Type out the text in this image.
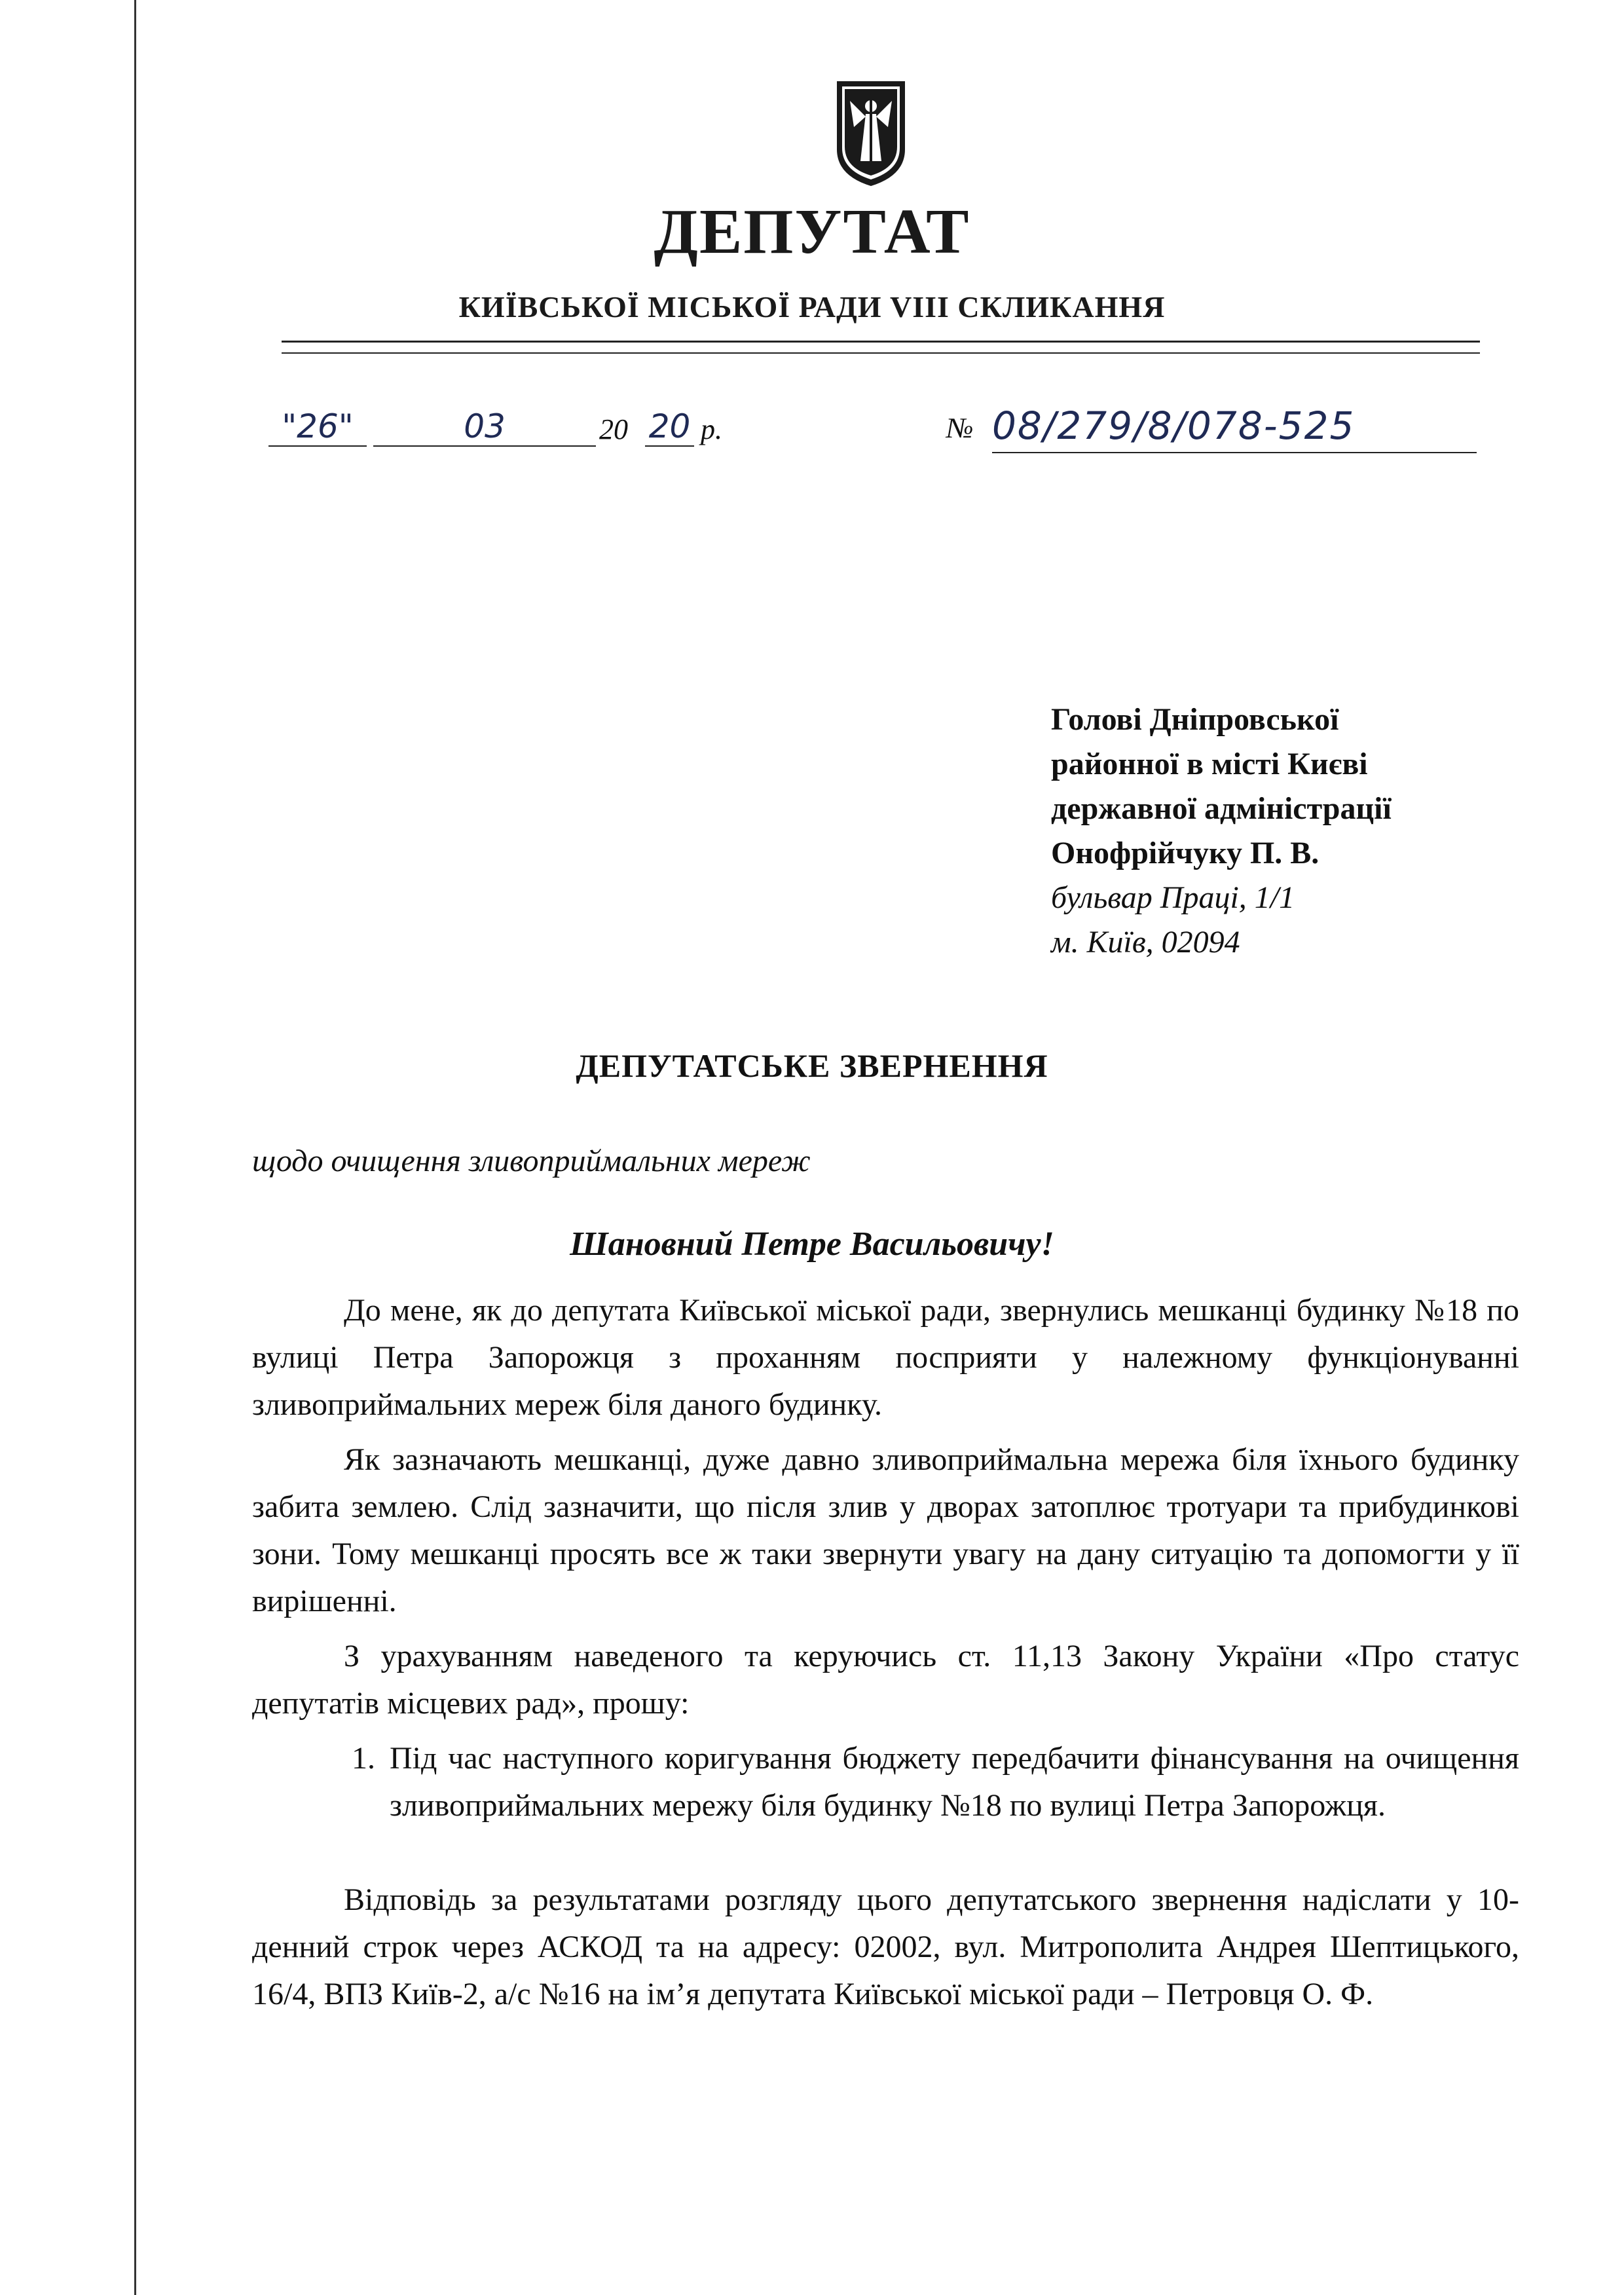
ДЕПУТАТ
КИЇВСЬКОЇ МІСЬКОЇ РАДИ VIII СКЛИКАННЯ
"26"	03	20 20 р.	№ 08/279/8/078-525
Голові Дніпровської
районної в місті Києві
державної адміністрації
Онофрійчуку П. В.
бульвар Праці, 1/1
м. Київ, 02094
ДЕПУТАТСЬКЕ ЗВЕРНЕННЯ
щодо очищення зливоприймальних мереж
Шановний Петре Васильовичу!

До мене, як до депутата Київської міської ради, звернулись мешканці будинку №18 по вулиці Петра Запорожця з проханням посприяти у належному функціонуванні зливоприймальних мереж біля даного будинку.

Як зазначають мешканці, дуже давно зливоприймальна мережа біля їхнього будинку забита землею. Слід зазначити, що після злив у дворах затоплює тротуари та прибудинкові зони. Тому мешканці просять все ж таки звернути увагу на дану ситуацію та допомогти у її вирішенні.

З урахуванням наведеного та керуючись ст. 11,13 Закону України «Про статус депутатів місцевих рад», прошу:

1. Під час наступного коригування бюджету передбачити фінансування на очищення зливоприймальних мережу біля будинку №18 по вулиці Петра Запорожця.

Відповідь за результатами розгляду цього депутатського звернення надіслати у 10-денний строк через АСКОД та на адресу: 02002, вул. Митрополита Андрея Шептицького, 16/4, ВПЗ Київ-2, а/с №16 на ім’я депутата Київської міської ради – Петровця О. Ф.
